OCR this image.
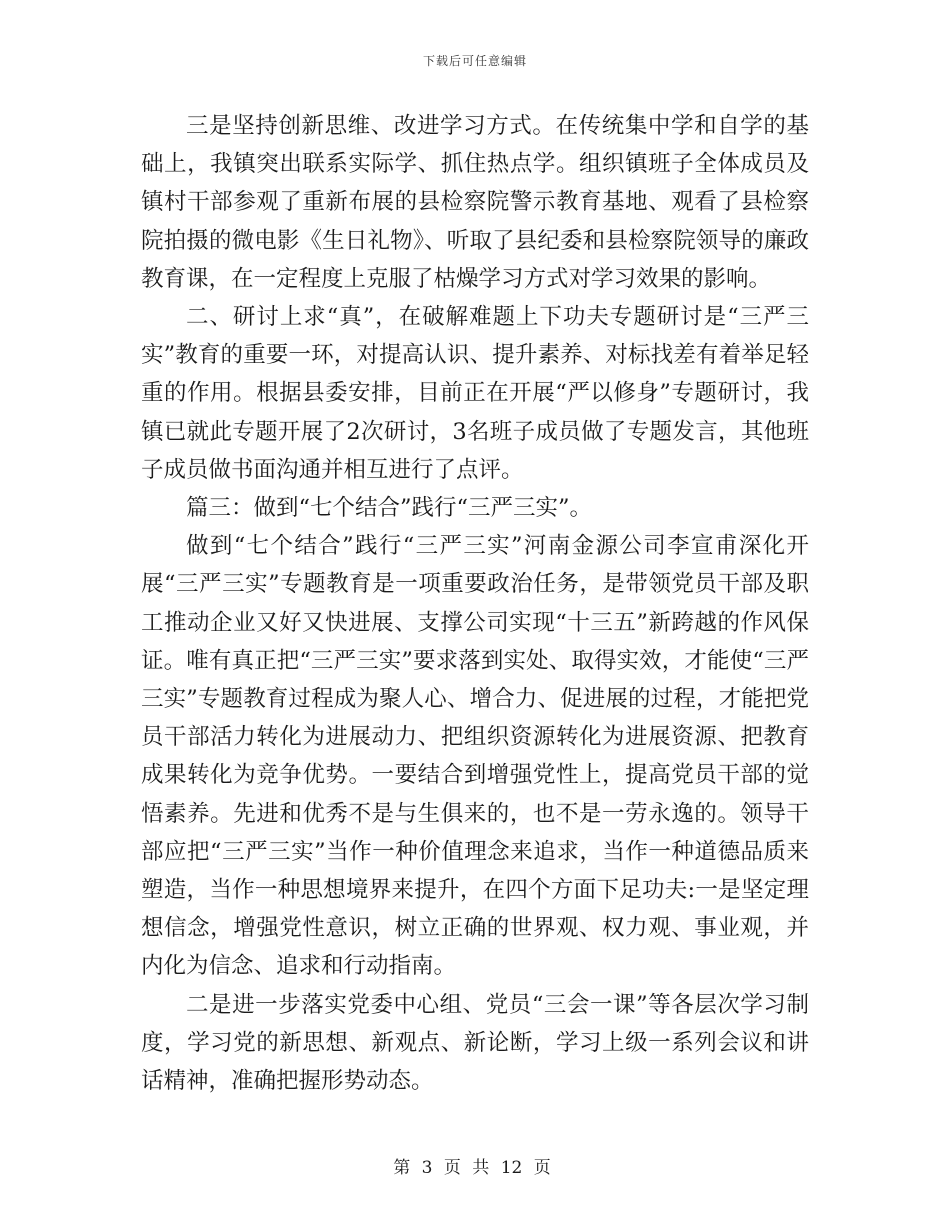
下载后可任意编辑

三是坚持创新思维、改进学习方式。在传统集中学和自学的基础上，我镇突出联系实际学、抓住热点学。组织镇班子全体成员及镇村干部参观了重新布展的县检察院警示教育基地、观看了县检察院拍摄的微电影《生日礼物》、听取了县纪委和县检察院领导的廉政教育课，在一定程度上克服了枯燥学习方式对学习效果的影响。

二、研讨上求“真”，在破解难题上下功夫专题研讨是“三严三实”教育的重要一环，对提高认识、提升素养、对标找差有着举足轻重的作用。根据县委安排，目前正在开展“严以修身”专题研讨，我镇已就此专题开展了2次研讨，3名班子成员做了专题发言，其他班子成员做书面沟通并相互进行了点评。

篇三：做到“七个结合”践行“三严三实”。

做到“七个结合”践行“三严三实”河南金源公司李宣甫深化开展“三严三实”专题教育是一项重要政治任务，是带领党员干部及职工推动企业又好又快进展、支撑公司实现“十三五”新跨越的作风保证。唯有真正把“三严三实”要求落到实处、取得实效，才能使“三严三实”专题教育过程成为聚人心、增合力、促进展的过程，才能把党员干部活力转化为进展动力、把组织资源转化为进展资源、把教育成果转化为竞争优势。一要结合到增强党性上，提高党员干部的觉悟素养。先进和优秀不是与生俱来的，也不是一劳永逸的。领导干部应把“三严三实”当作一种价值理念来追求，当作一种道德品质来塑造，当作一种思想境界来提升，在四个方面下足功夫:一是坚定理想信念，增强党性意识，树立正确的世界观、权力观、事业观，并内化为信念、追求和行动指南。

二是进一步落实党委中心组、党员“三会一课”等各层次学习制度，学习党的新思想、新观点、新论断，学习上级一系列会议和讲话精神，准确把握形势动态。

第 3 页 共 12 页
